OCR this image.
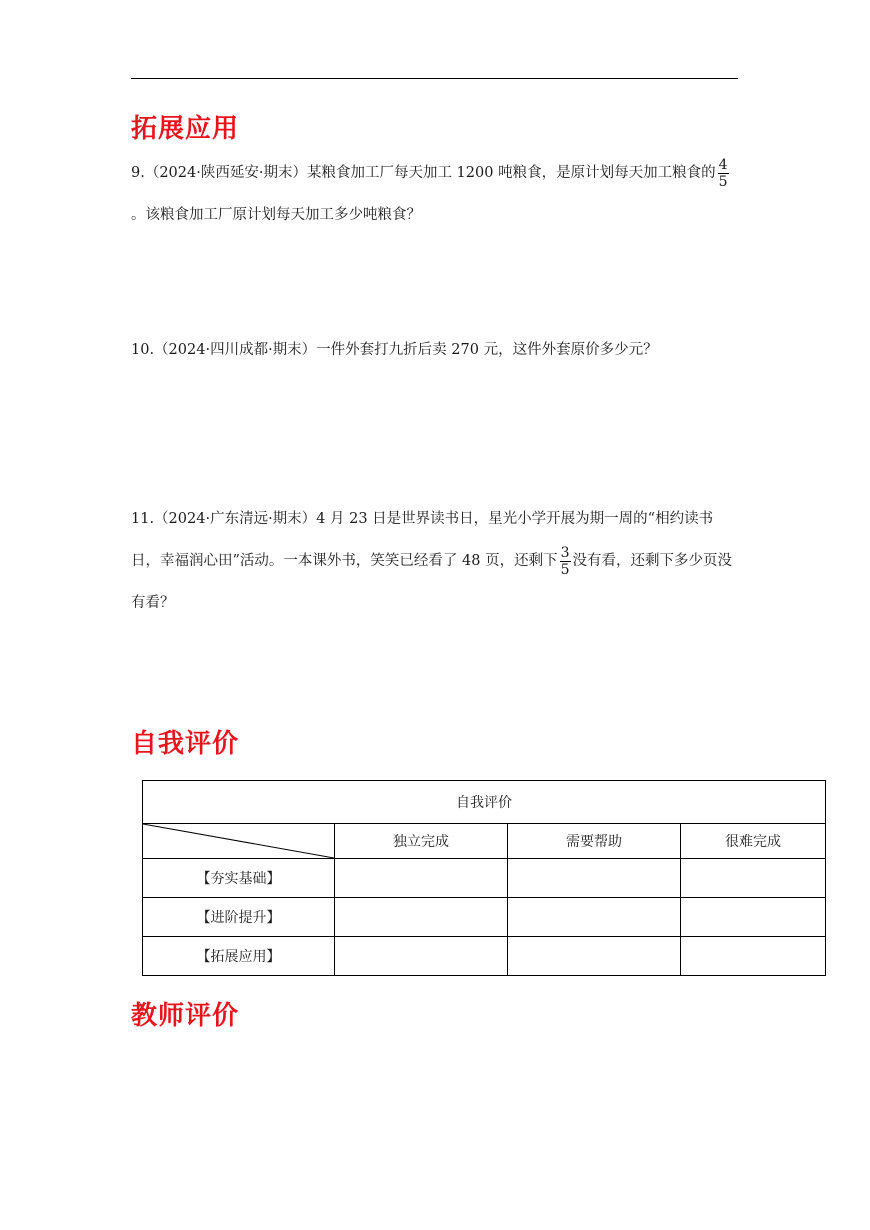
拓展应用

9.（2024·陕西延安·期末）某粮食加工厂每天加工 1200 吨粮食，是原计划每天加工粮食的 $\frac{4}{5}$
。该粮食加工厂原计划每天加工多少吨粮食？

10.（2024·四川成都·期末）一件外套打九折后卖 270 元，这件外套原价多少元？

11.（2024·广东清远·期末）4 月 23 日是世界读书日，星光小学开展为期一周的“相约读书日，幸福润心田”活动。一本课外书，笑笑已经看了 48 页，还剩下 $\frac{3}{5}$ 没有看，还剩下多少页没有看？

自我评价
自我评价			

	独立完成	需要帮助	很难完成
【夯实基础】			
【进阶提升】			
【拓展应用】			
教师评价
